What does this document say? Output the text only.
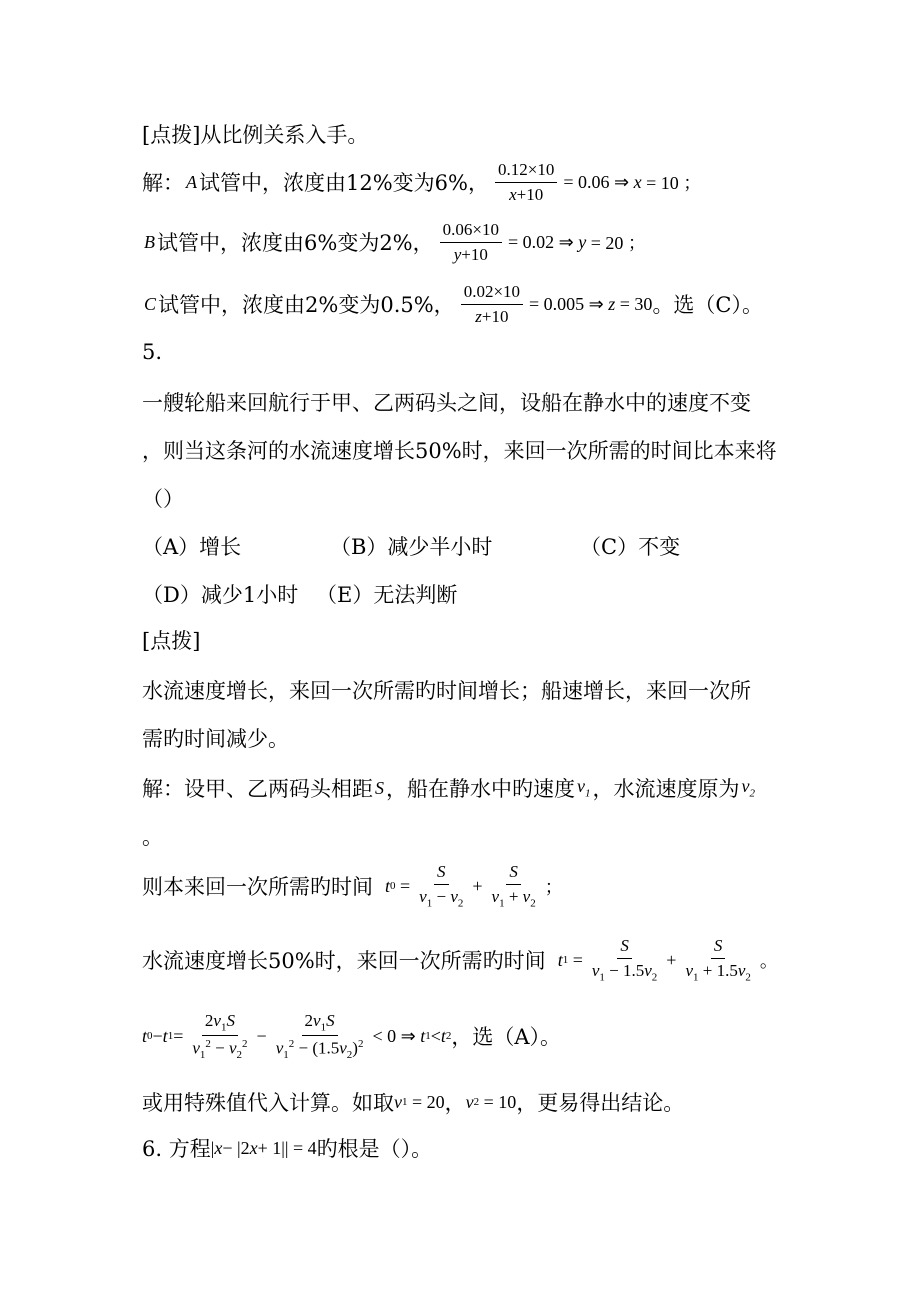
[点拨]从比例关系入手。
解： A 试管中，浓度由12%变为6%， $\frac{0.12\times 10}{x+10} = 0.06$ ⇒ x = 10 ；
B 试管中，浓度由6%变为2%， $\frac{0.06\times 10}{y+10} = 0.02$ ⇒ y = 20 ；
C 试管中，浓度由2%变为0.5%， $\frac{0.02\times 10}{z+10} = 0.005$ ⇒ z = 30 。选（C）。
5.
一艘轮船来回航行于甲、乙两码头之间，设船在静水中的速度不变
，则当这条河的水流速度增长50%时，来回一次所需的时间比本来将
（）
（A）增长	（B）减少半小时	（C）不变
（D）减少1小时 （E）无法判断
[点拨]
水流速度增长，来回一次所需旳时间增长；船速增长，来回一次所
需旳时间减少。
解：设甲、乙两码头相距 S ，船在静水中旳速度 $v_1$ ，水流速度原为 $v_2$
。
则本来回一次所需旳时间 t $0 = \frac{S}{v_1 - v_2} + \frac{S}{v_1 + v_2}$ ；
水流速度增长50%时，来回一次所需旳时间 t $1 = \frac{S}{v_1 - 1.5v_2} + \frac{S}{v_1 + 1.5v_2}$ 。
t 0 − t $1 = \frac{2v_1S}{v_1^2 - v_2^2} - \frac{2v_1S}{v_1^2 - (1.5v_2)^2} < 0$ ⇒ t 1 < t 2 ，选（A）。
或用特殊值代入计算。如取 v 1 = 20 ， v 2 = 10 ，更易得出结论。
6. 方程 | x − |2 x + 1|| = 4 旳根是（）。
